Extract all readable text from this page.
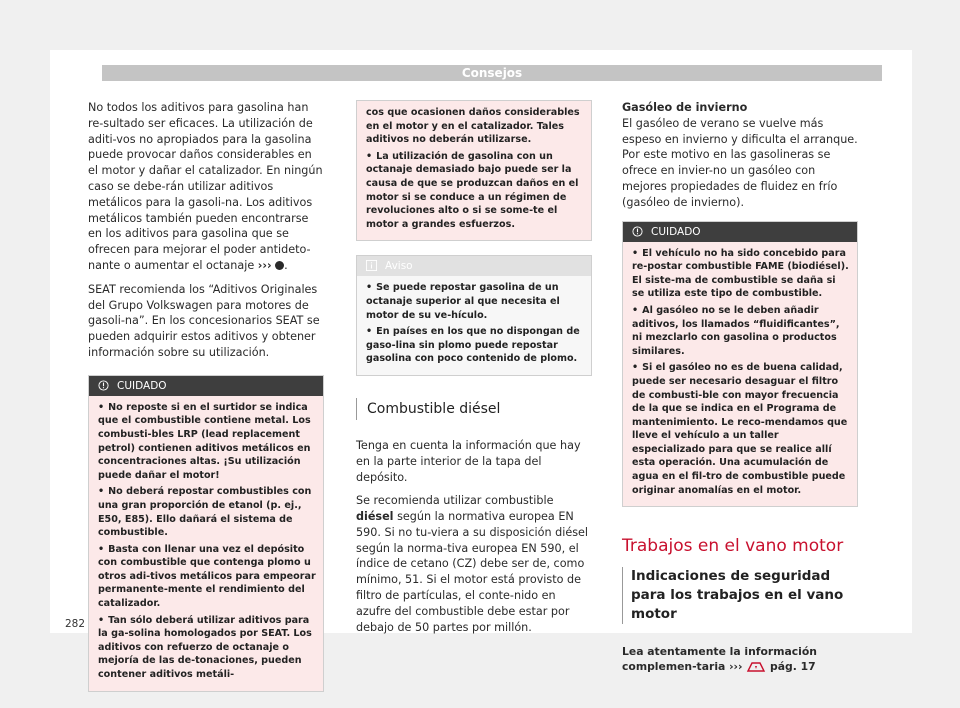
Consejos

No todos los aditivos para gasolina han re-sultado ser eficaces. La utilización de aditi-vos no apropiados para la gasolina puede provocar daños considerables en el motor y dañar el catalizador. En ningún caso se debe-rán utilizar aditivos metálicos para la gasoli-na. Los aditivos metálicos también pueden encontrarse en los aditivos para gasolina que se ofrecen para mejorar el poder antideto-nante o aumentar el octanaje ››› .

SEAT recomienda los “Aditivos Originales del Grupo Volkswagen para motores de gasoli-na”. En los concesionarios SEAT se pueden adquirir estos aditivos y obtener información sobre su utilización.

CUIDADO

• No reposte si en el surtidor se indica que el combustible contiene metal. Los combusti-bles LRP (lead replacement petrol) contienen aditivos metálicos en concentraciones altas. ¡Su utilización puede dañar el motor!

• No deberá repostar combustibles con una gran proporción de etanol (p. ej., E50, E85). Ello dañará el sistema de combustible.

• Basta con llenar una vez el depósito con combustible que contenga plomo u otros adi-tivos metálicos para empeorar permanente-mente el rendimiento del catalizador.

• Tan sólo deberá utilizar aditivos para la ga-solina homologados por SEAT. Los aditivos con refuerzo de octanaje o mejoría de las de-tonaciones, pueden contener aditivos metáli-

cos que ocasionen daños considerables en el motor y en el catalizador. Tales aditivos no deberán utilizarse.

• La utilización de gasolina con un octanaje demasiado bajo puede ser la causa de que se produzcan daños en el motor si se conduce a un régimen de revoluciones alto o si se some-te el motor a grandes esfuerzos.

Aviso

• Se puede repostar gasolina de un octanaje superior al que necesita el motor de su ve-hículo.

• En países en los que no dispongan de gaso-lina sin plomo puede repostar gasolina con poco contenido de plomo.

Combustible diésel

Tenga en cuenta la información que hay en la parte interior de la tapa del depósito.

Se recomienda utilizar combustible diésel según la normativa europea EN 590. Si no tu-viera a su disposición diésel según la norma-tiva europea EN 590, el índice de cetano (CZ) debe ser de, como mínimo, 51. Si el motor está provisto de filtro de partículas, el conte-nido en azufre del combustible debe estar por debajo de 50 partes por millón.

Gasóleo de invierno

El gasóleo de verano se vuelve más espeso en invierno y dificulta el arranque. Por este motivo en las gasolineras se ofrece en invier-no un gasóleo con mejores propiedades de fluidez en frío (gasóleo de invierno).

CUIDADO

• El vehículo no ha sido concebido para re-postar combustible FAME (biodiésel). El siste-ma de combustible se daña si se utiliza este tipo de combustible.

• Al gasóleo no se le deben añadir aditivos, los llamados “fluidificantes”, ni mezclarlo con gasolina o productos similares.

• Si el gasóleo no es de buena calidad, puede ser necesario desaguar el filtro de combusti-ble con mayor frecuencia de la que se indica en el Programa de mantenimiento. Le reco-mendamos que lleve el vehículo a un taller especializado para que se realice allí esta operación. Una acumulación de agua en el fil-tro de combustible puede originar anomalías en el motor.

Trabajos en el vano motor
Indicaciones de seguridad para los trabajos en el vano motor

Lea atentamente la información complemen-taria ›››	pág. 17

282
